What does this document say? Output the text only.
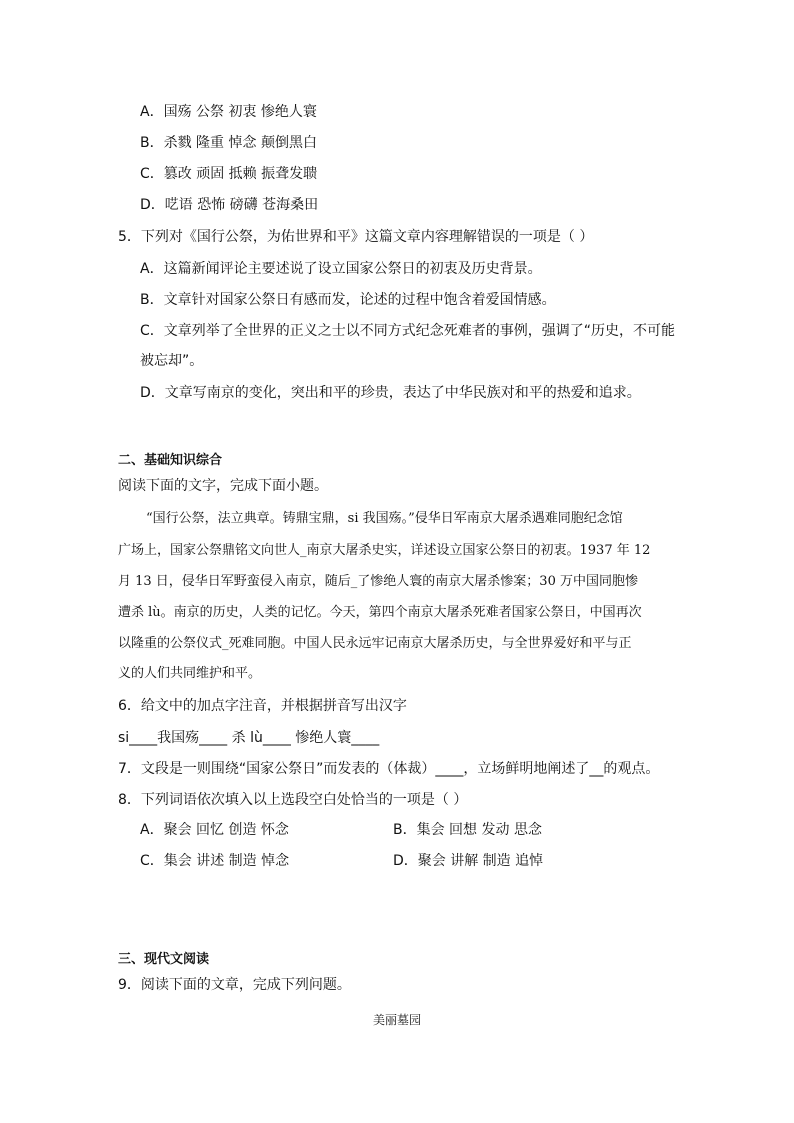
A．国殇 公祭 初衷 惨绝人寰
B．杀戮 隆重 悼念 颠倒黑白
C．篡改 顽固 抵赖 振聋发聩
D．呓语 恐怖 磅礴 苍海桑田
5．下列对《国行公祭，为佑世界和平》这篇文章内容理解错误的一项是（ ）
A．这篇新闻评论主要述说了设立国家公祭日的初衷及历史背景。
B．文章针对国家公祭日有感而发，论述的过程中饱含着爱国情感。
C．文章列举了全世界的正义之士以不同方式纪念死难者的事例，强调了“历史，不可能
被忘却”。
D．文章写南京的变化，突出和平的珍贵，表达了中华民族对和平的热爱和追求。
二、基础知识综合
阅读下面的文字，完成下面小题。
“国行公祭，法立典章。铸鼎宝鼎，si 我国殇。”侵华日军南京大屠杀遇难同胞纪念馆
广场上，国家公祭鼎铭文向世人_南京大屠杀史实，详述设立国家公祭日的初衷。1937 年 12
月 13 日，侵华日军野蛮侵入南京，随后_了惨绝人寰的南京大屠杀惨案；30 万中国同胞惨
遭杀 lù。南京的历史，人类的记忆。今天，第四个南京大屠杀死难者国家公祭日，中国再次
以隆重的公祭仪式_死难同胞。中国人民永远牢记南京大屠杀历史，与全世界爱好和平与正
义的人们共同维护和平。
6．给文中的加点字注音，并根据拼音写出汉字
si____我国殇____ 杀 lù____ 惨绝人寰____
7．文段是一则围绕“国家公祭日”而发表的（体裁）____，立场鲜明地阐述了__的观点。
8．下列词语依次填入以上选段空白处恰当的一项是（ ）
A．聚会 回忆 创造 怀念	B．集会 回想 发动 思念
C．集会 讲述 制造 悼念	D．聚会 讲解 制造 追悼
三、现代文阅读
9．阅读下面的文章，完成下列问题。
美丽墓园
